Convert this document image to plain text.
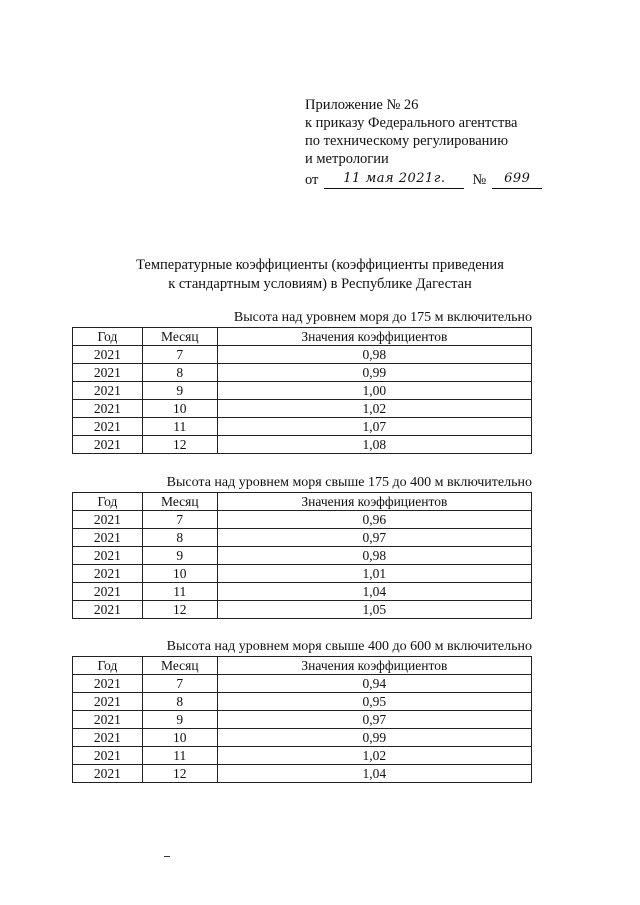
Приложение № 26
к приказу Федерального агентства
по техническому регулированию
и метрологии
от	11 мая 2021г.	№	699
Температурные коэффициенты (коэффициенты приведения
к стандартным условиям) в Республике Дагестан
Высота над уровнем моря до 175 м включительно
Год	Месяц	Значения коэффициентов
2021	7	0,98
2021	8	0,99
2021	9	1,00
2021	10	1,02
2021	11	1,07
2021	12	1,08
Высота над уровнем моря свыше 175 до 400 м включительно
Год	Месяц	Значения коэффициентов
2021	7	0,96
2021	8	0,97
2021	9	0,98
2021	10	1,01
2021	11	1,04
2021	12	1,05
Высота над уровнем моря свыше 400 до 600 м включительно
Год	Месяц	Значения коэффициентов
2021	7	0,94
2021	8	0,95
2021	9	0,97
2021	10	0,99
2021	11	1,02
2021	12	1,04
